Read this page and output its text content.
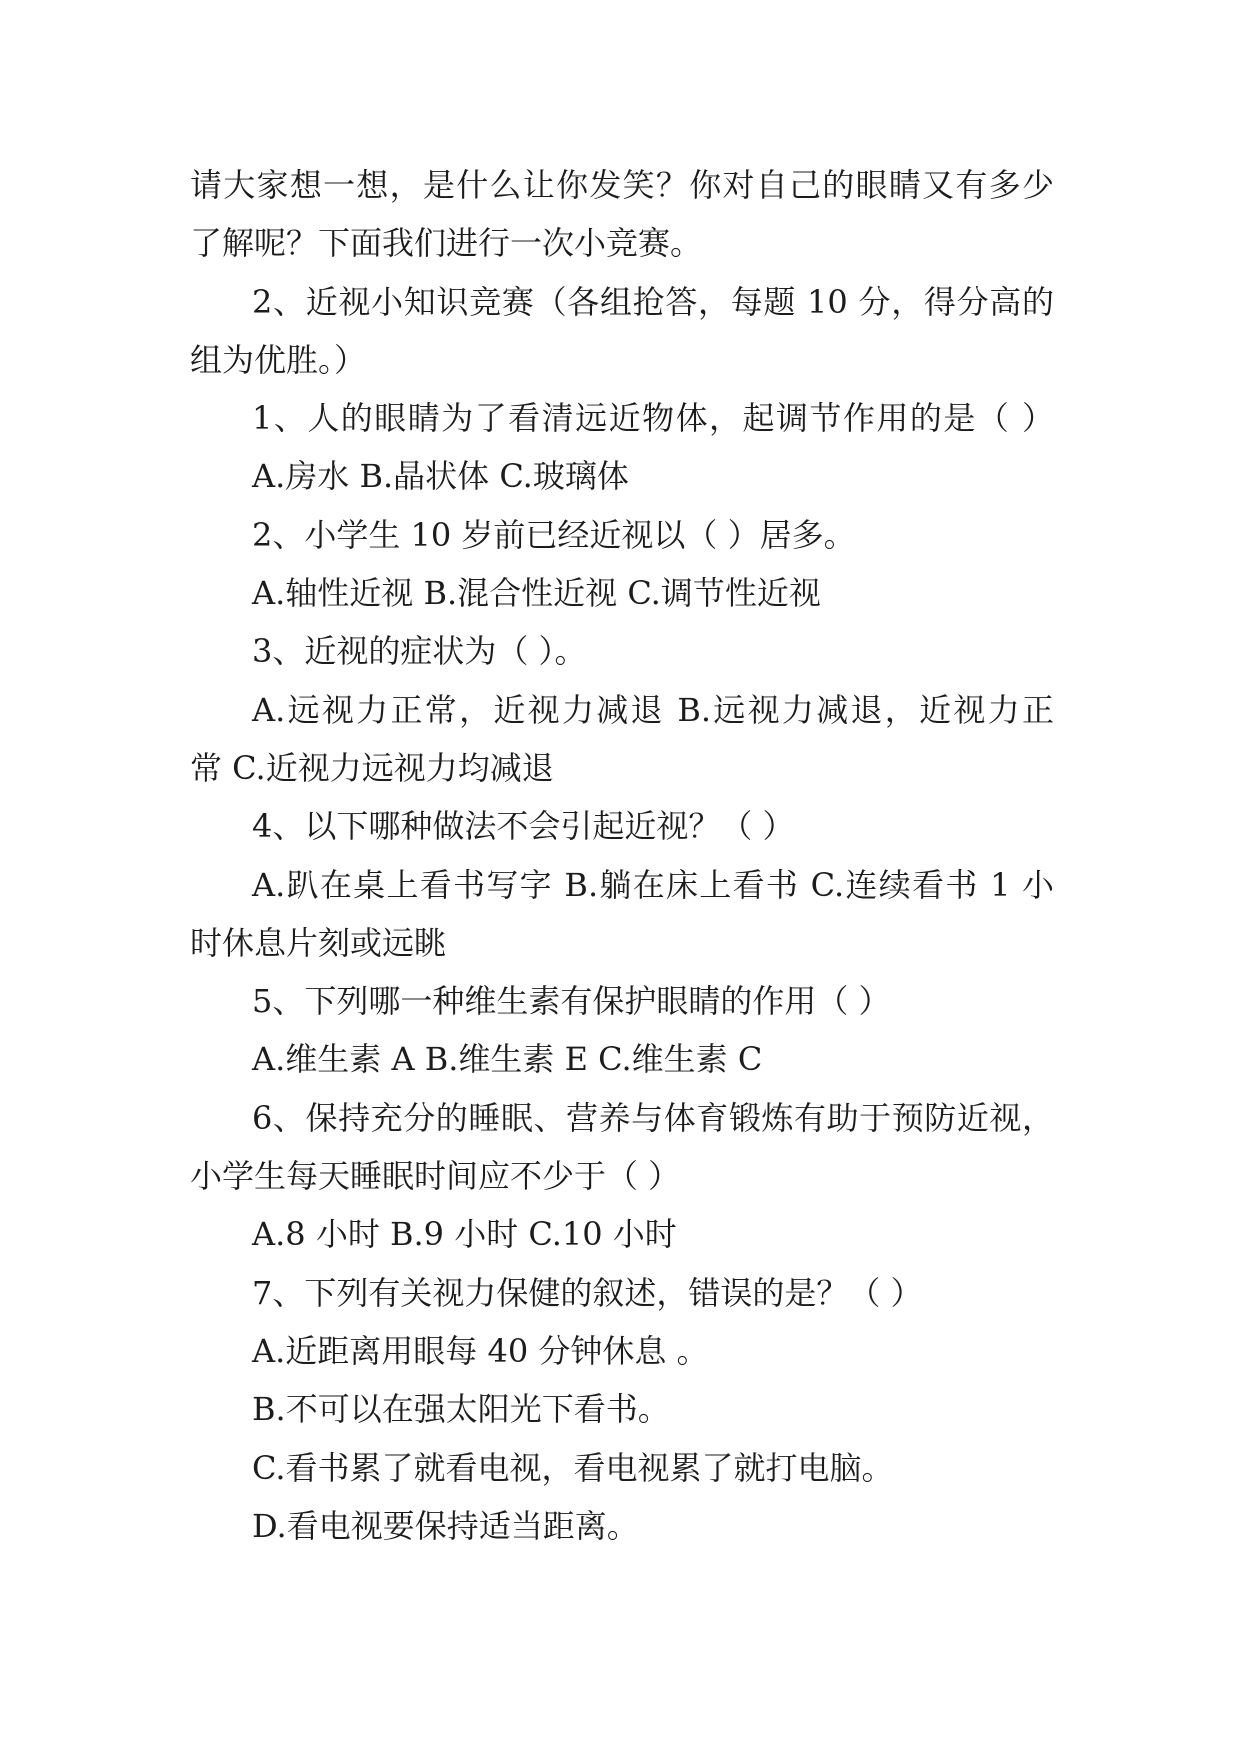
请大家想一想，是什么让你发笑？你对自己的眼睛又有多少
了解呢？下面我们进行一次小竞赛。
2、近视小知识竞赛（各组抢答，每题 10 分，得分高的
组为优胜。）
1、人的眼睛为了看清远近物体，起调节作用的是（ ）
A.房水 B.晶状体 C.玻璃体
2、小学生 10 岁前已经近视以（ ）居多。
A.轴性近视 B.混合性近视 C.调节性近视
3、近视的症状为（ ）。
A.远视力正常，近视力减退 B.远视力减退，近视力正
常 C.近视力远视力均减退
4、以下哪种做法不会引起近视？（ ）
A.趴在桌上看书写字 B.躺在床上看书 C.连续看书 1 小
时休息片刻或远眺
5、下列哪一种维生素有保护眼睛的作用（ ）
A.维生素 A B.维生素 E C.维生素 C
6、保持充分的睡眠、营养与体育锻炼有助于预防近视，
小学生每天睡眠时间应不少于（ ）
A.8 小时 B.9 小时 C.10 小时
7、下列有关视力保健的叙述，错误的是？（ ）
A.近距离用眼每 40 分钟休息 。
B.不可以在强太阳光下看书。
C.看书累了就看电视，看电视累了就打电脑。
D.看电视要保持适当距离。
